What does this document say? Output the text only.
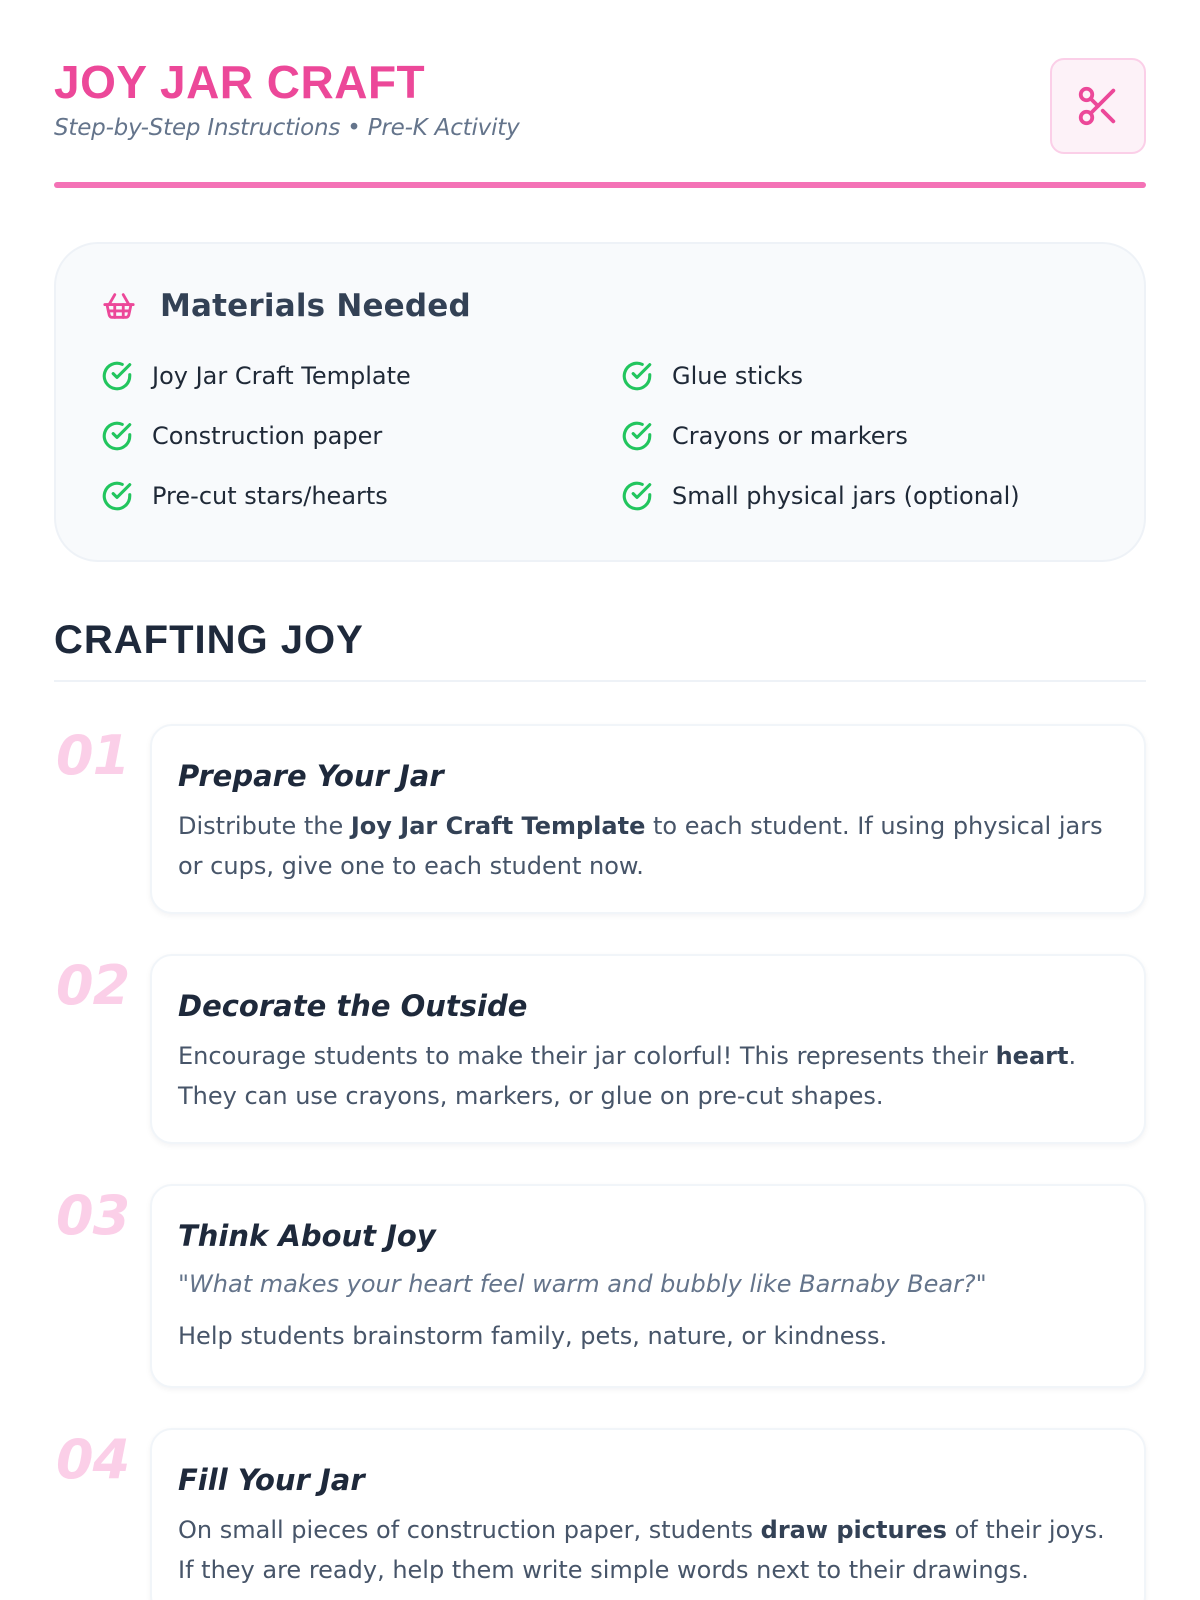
JOY JAR CRAFT
Step-by-Step Instructions • Pre-K Activity
Materials Needed
Joy Jar Craft Template	Glue sticks
Construction paper	Crayons or markers
Pre-cut stars/hearts	Small physical jars (optional)
CRAFTING JOY
01 Prepare Your Jar
Distribute the Joy Jar Craft Template to each student. If using physical jars or cups, give one to each student now.
02 Decorate the Outside
Encourage students to make their jar colorful! This represents their heart. They can use crayons, markers, or glue on pre-cut shapes.
03 Think About Joy
"What makes your heart feel warm and bubbly like Barnaby Bear?"
Help students brainstorm family, pets, nature, or kindness.
04 Fill Your Jar
On small pieces of construction paper, students draw pictures of their joys. If they are ready, help them write simple words next to their drawings.
